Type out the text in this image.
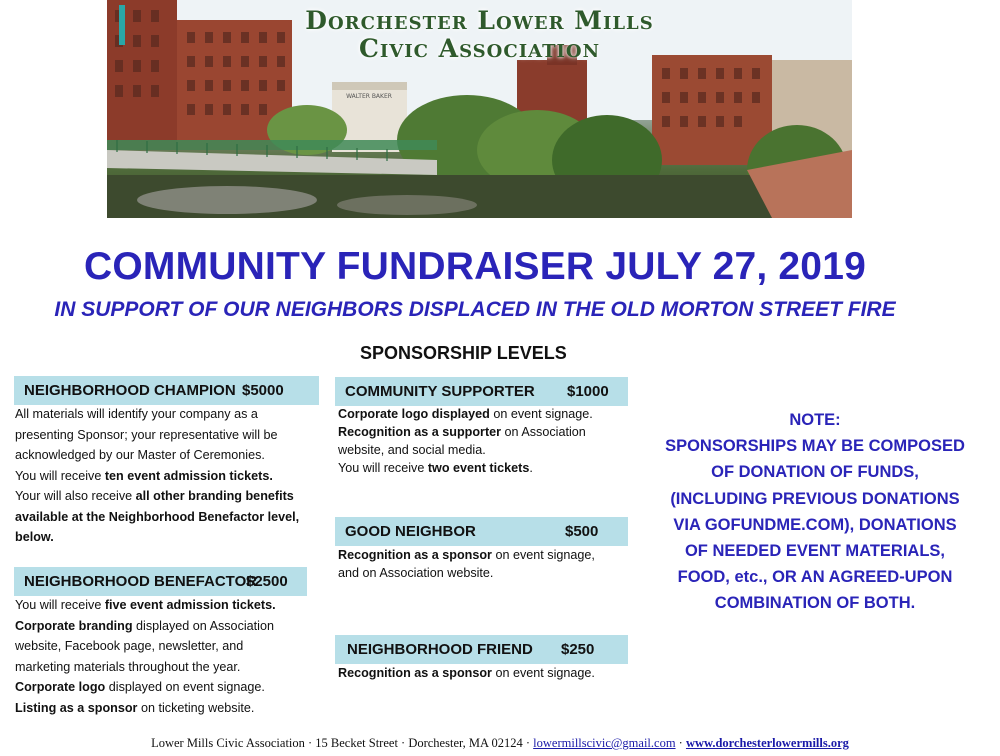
WALTER BAKER
Dorchester Lower Mills
Civic Association
COMMUNITY FUNDRAISER JULY 27, 2019
IN SUPPORT OF OUR NEIGHBORS DISPLACED IN THE OLD MORTON STREET FIRE
SPONSORSHIP LEVELS
NEIGHBORHOOD CHAMPION $5000

All materials will identify your company as a

presenting Sponsor; your representative will be

acknowledged by our Master of Ceremonies.

You will receive ten event admission tickets.

Your will also receive all other branding benefits

available at the Neighborhood Benefactor level,

below.

NEIGHBORHOOD BENEFACTOR
$2500

You will receive five event admission tickets.

Corporate branding displayed on Association

website, Facebook page, newsletter, and

marketing materials throughout the year.

Corporate logo displayed on event signage.

Listing as a sponsor on ticketing website.

COMMUNITY SUPPORTER $1000

Corporate logo displayed on event signage.

Recognition as a supporter on Association

website, and social media.

You will receive two event tickets.

GOOD NEIGHBOR	$500

Recognition as a sponsor on event signage,

and on Association website.

NEIGHBORHOOD FRIEND $250

Recognition as a sponsor on event signage.

NOTE:
SPONSORSHIPS MAY BE COMPOSED
OF DONATION OF FUNDS,
(INCLUDING PREVIOUS DONATIONS
VIA GOFUNDME.COM), DONATIONS
OF NEEDED EVENT MATERIALS,
FOOD, etc., OR AN AGREED-UPON
COMBINATION OF BOTH.
Lower Mills Civic Association · 15 Becket Street · Dorchester, MA 02124 · lowermillscivic@gmail.com · www.dorchesterlowermills.org
